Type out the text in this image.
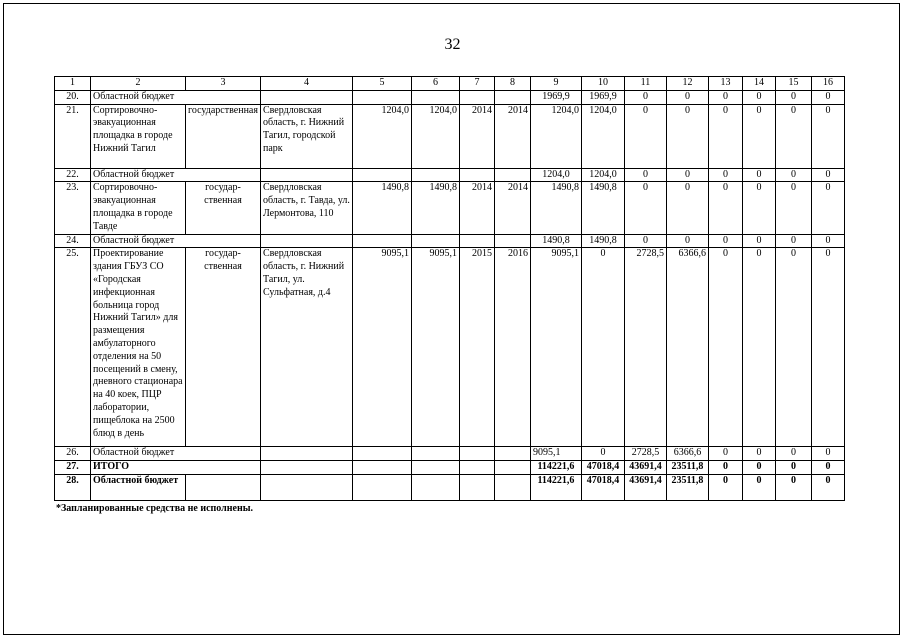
32
1	2	3	4	5	6	7	8	9	10	11	12	13	14	15	16
20.	Областной бюджет							1969,9	1969,9	0	0	0	0	0	0
21.	Сортировочно-эвакуационная площадка в городе Нижний Тагил	государственная	Свердловская область, г. Нижний Тагил, городской парк	1204,0	1204,0	2014	2014	1204,0	1204,0	0	0	0	0	0	0
22.	Областной бюджет							1204,0	1204,0	0	0	0	0	0	0
23.	Сортировочно-эвакуационная площадка в городе Тавде	государ-ственная	Свердловская область, г. Тавда, ул. Лермонтова, 110	1490,8	1490,8	2014	2014	1490,8	1490,8	0	0	0	0	0	0
24.	Областной бюджет							1490,8	1490,8	0	0	0	0	0	0
25.	Проектирование здания ГБУЗ СО «Городская инфекционная больница город Нижний Тагил» для размещения амбулаторного отделения на 50 посещений в смену, дневного стационара на 40 коек, ПЦР лаборатории, пищеблока на 2500 блюд в день	государ-ственная	Свердловская область, г. Нижний Тагил, ул. Сульфатная, д.4	9095,1	9095,1	2015	2016	9095,1	0	2728,5	6366,6	0	0	0	0
26.	Областной бюджет							9095,1	0	2728,5	6366,6	0	0	0	0
27.	ИТОГО							114221,6	47018,4	43691,4	23511,8	0	0	0	0
28.	Областной бюджет							114221,6	47018,4	43691,4	23511,8	0	0	0	0
*Запланированные средства не исполнены.
